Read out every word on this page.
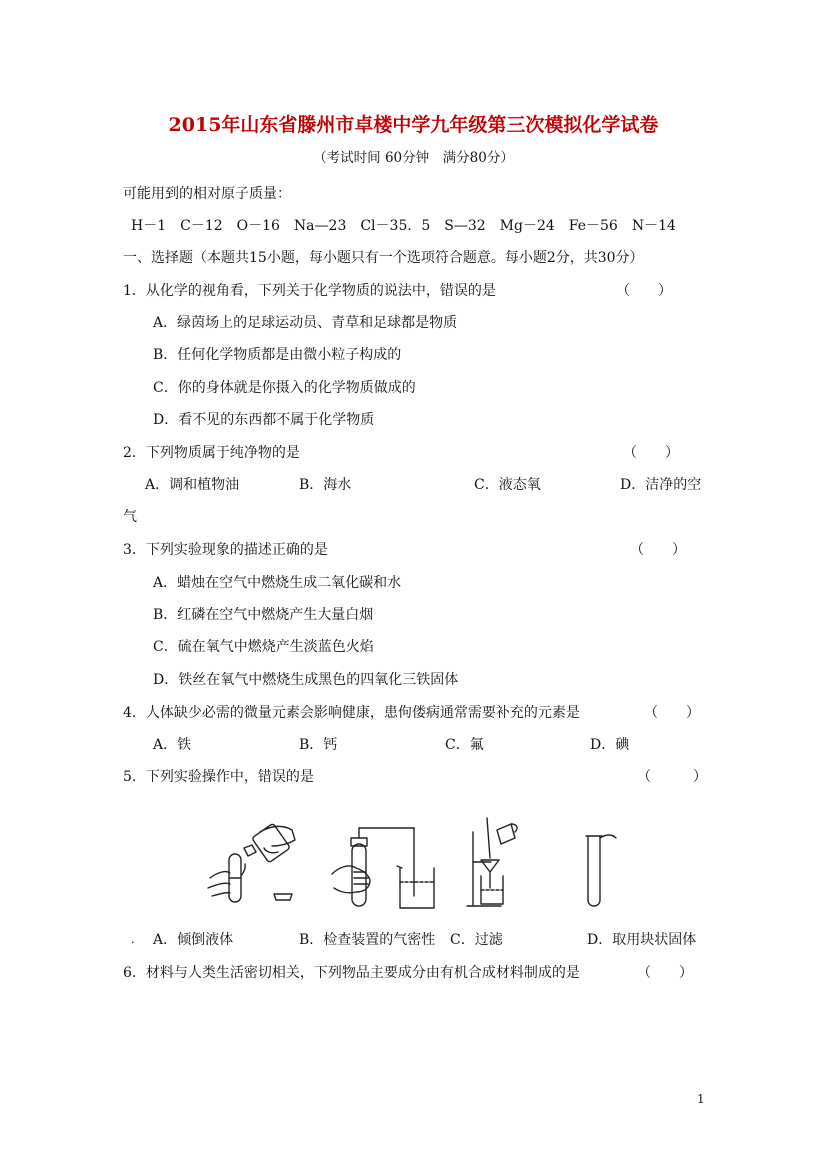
2015年山东省滕州市卓楼中学九年级第三次模拟化学试卷
（考试时间 60分钟　满分80分）
可能用到的相对原子质量：
H－1　C－12　O－16　Na—23　Cl－35．5　S—32　Mg－24　Fe－56　N－14
一、选择题（本题共15小题，每小题只有一个选项符合题意。每小题2分，共30分）
1．从化学的视角看，下列关于化学物质的说法中，错误的是	（　　）
A．绿茵场上的足球运动员、青草和足球都是物质
B．任何化学物质都是由微小粒子构成的
C．你的身体就是你摄入的化学物质做成的
D．看不见的东西都不属于化学物质
2．下列物质属于纯净物的是	（　　）
A．调和植物油	B．海水	C．液态氧	D．洁净的空
气
3．下列实验现象的描述正确的是	（　　）
A．蜡烛在空气中燃烧生成二氧化碳和水
B．红磷在空气中燃烧产生大量白烟
C．硫在氧气中燃烧产生淡蓝色火焰
D．铁丝在氧气中燃烧生成黑色的四氧化三铁固体
4．人体缺少必需的微量元素会影响健康，患佝偻病通常需要补充的元素是	（　　）
A．铁	B．钙	C．氟	D．碘
5．下列实验操作中，错误的是	（　　　）
. A．倾倒液体	B．检查装置的气密性 C．过滤	D．取用块状固体
6．材料与人类生活密切相关，下列物品主要成分由有机合成材料制成的是	（　　）
1
